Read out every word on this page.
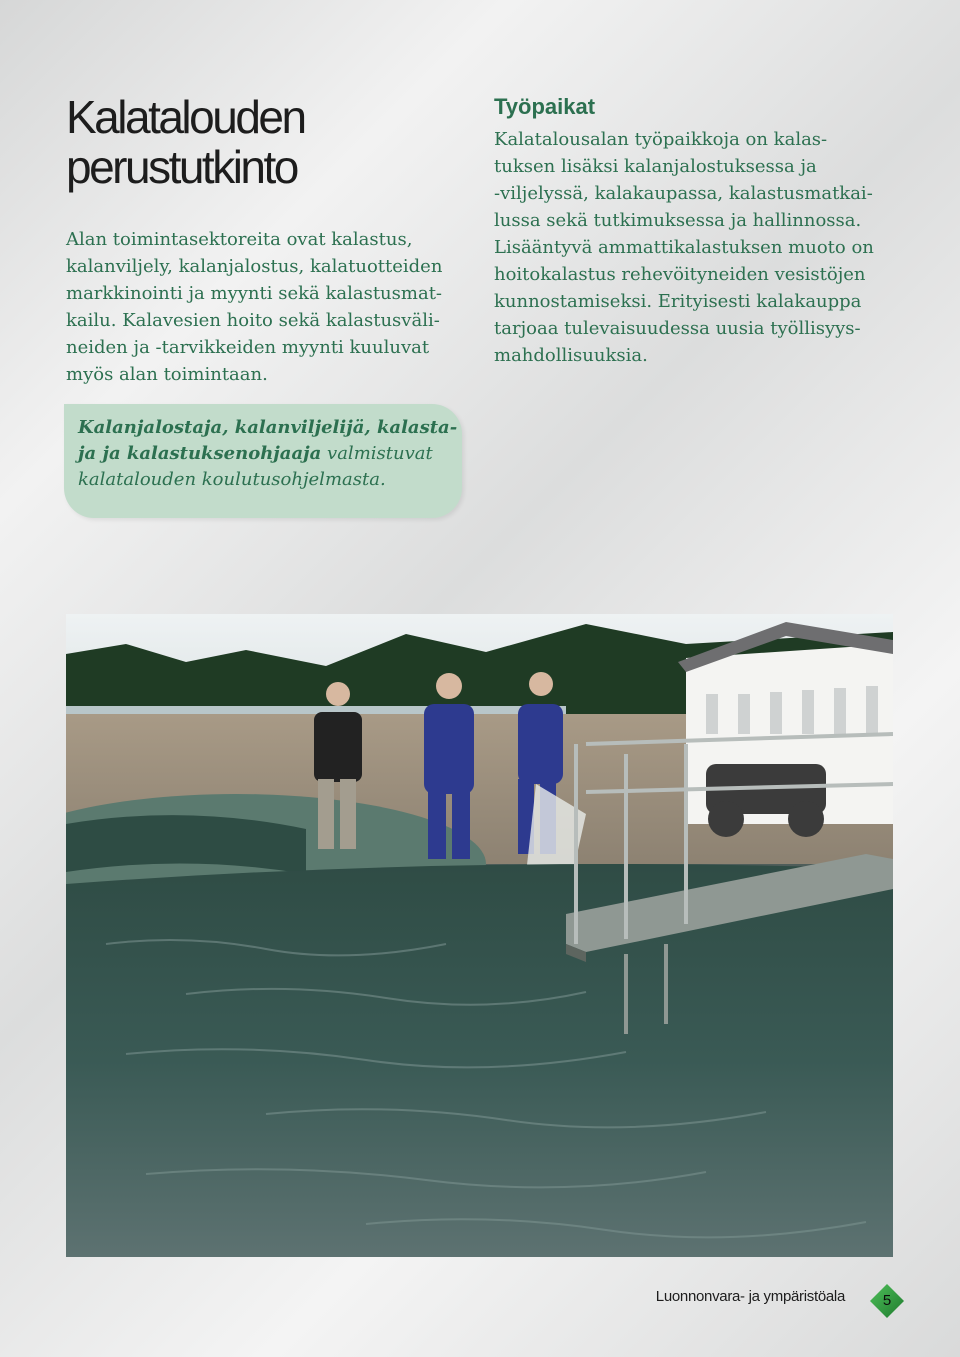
Kalatalouden
perustutkinto

Alan toimintasektoreita ovat kalastus,
kalanviljely, kalanjalostus, kalatuotteiden
markkinointi ja myynti sekä kalastusmat-
kailu. Kalavesien hoito sekä kalastusväli-
neiden ja -tarvikkeiden myynti kuuluvat
myös alan toimintaan.

Työpaikat

Kalatalousalan työpaikkoja on kalas-
tuksen lisäksi kalanjalostuksessa ja
-viljelyssä, kalakaupassa, kalastusmatkai-
lussa sekä tutkimuksessa ja hallinnossa.
Lisääntyvä ammattikalastuksen muoto on
hoitokalastus rehevöityneiden vesistöjen
kunnostamiseksi. Erityisesti kalakauppa
tarjoaa tulevaisuudessa uusia työllisyys-
mahdollisuuksia.

Kalanjalostaja, kalanviljelijä, kalasta-
ja ja kalastuksenohjaaja valmistuvat
kalatalouden koulutusohjelmasta.

Luonnonvara- ja ympäristöala	5
